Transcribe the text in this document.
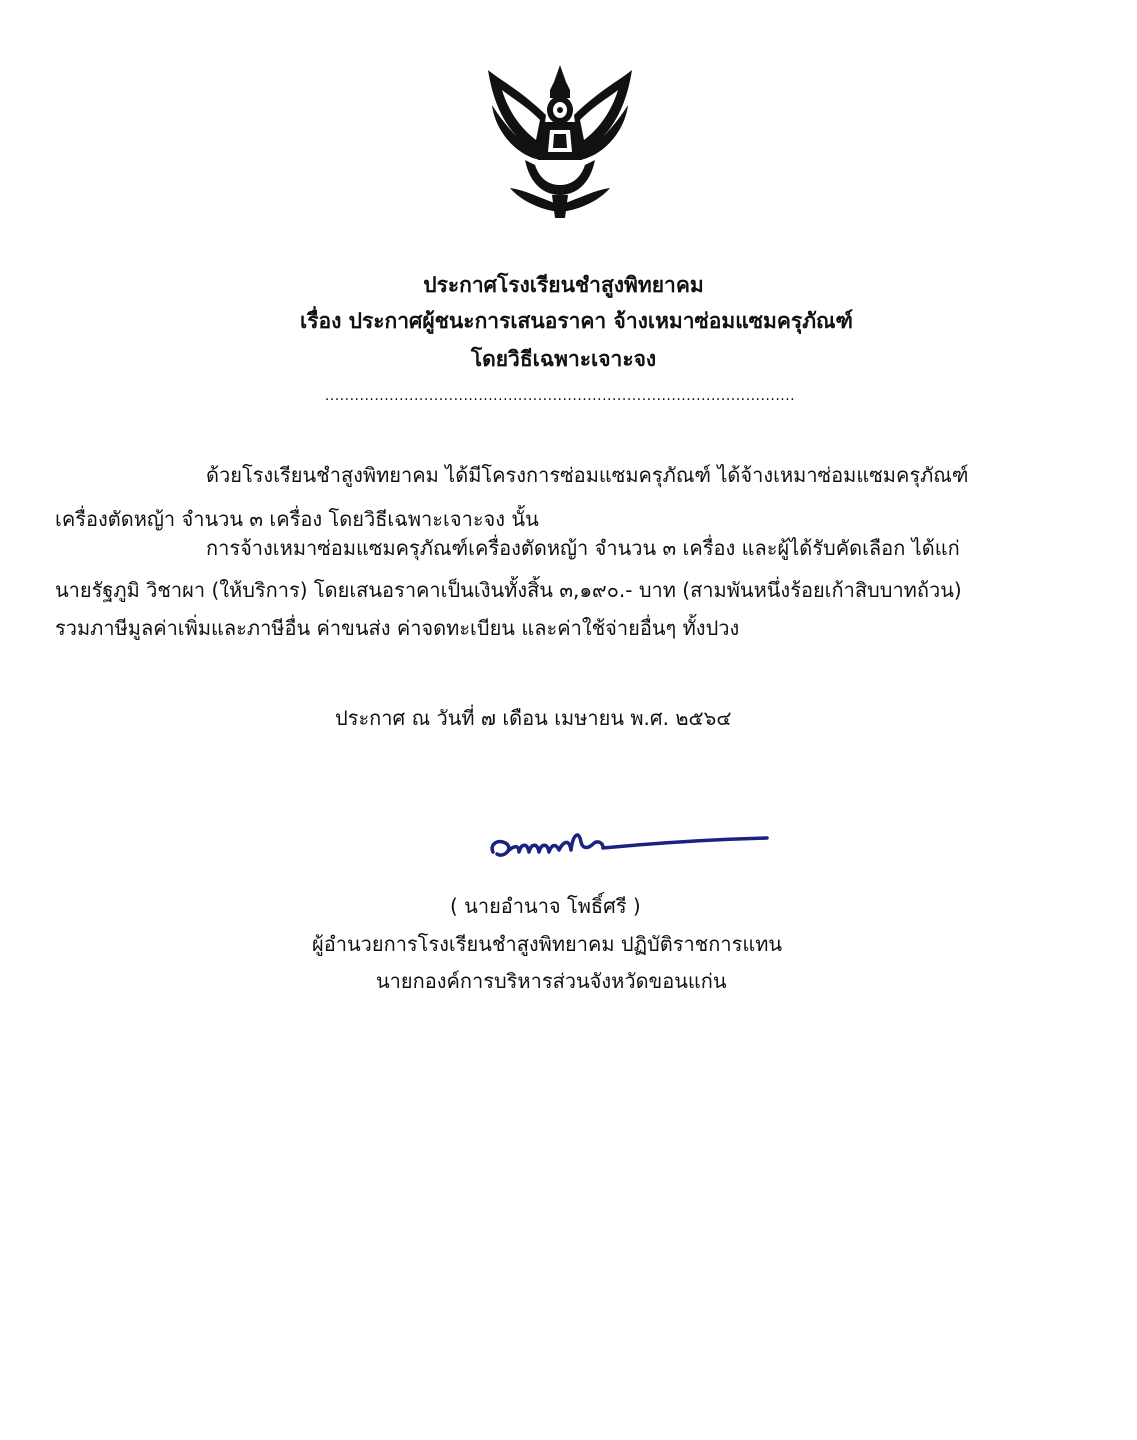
ประกาศโรงเรียนชำสูงพิทยาคม
เรื่อง ประกาศผู้ชนะการเสนอราคา จ้างเหมาซ่อมแซมครุภัณฑ์
โดยวิธีเฉพาะเจาะจง
...............................................................................................
ด้วยโรงเรียนชำสูงพิทยาคม ได้มีโครงการซ่อมแซมครุภัณฑ์ ได้จ้างเหมาซ่อมแซมครุภัณฑ์
เครื่องตัดหญ้า จำนวน ๓ เครื่อง โดยวิธีเฉพาะเจาะจง นั้น
การจ้างเหมาซ่อมแซมครุภัณฑ์เครื่องตัดหญ้า จำนวน ๓ เครื่อง และผู้ได้รับคัดเลือก ได้แก่
นายรัฐภูมิ วิชาผา (ให้บริการ) โดยเสนอราคาเป็นเงินทั้งสิ้น ๓,๑๙๐.- บาท (สามพันหนึ่งร้อยเก้าสิบบาทถ้วน)
รวมภาษีมูลค่าเพิ่มและภาษีอื่น ค่าขนส่ง ค่าจดทะเบียน และค่าใช้จ่ายอื่นๆ ทั้งปวง
ประกาศ ณ วันที่ ๗ เดือน เมษายน พ.ศ. ๒๕๖๔
( นายอำนาจ โพธิ์ศรี )
ผู้อำนวยการโรงเรียนชำสูงพิทยาคม ปฏิบัติราชการแทน
นายกองค์การบริหารส่วนจังหวัดขอนแก่น
